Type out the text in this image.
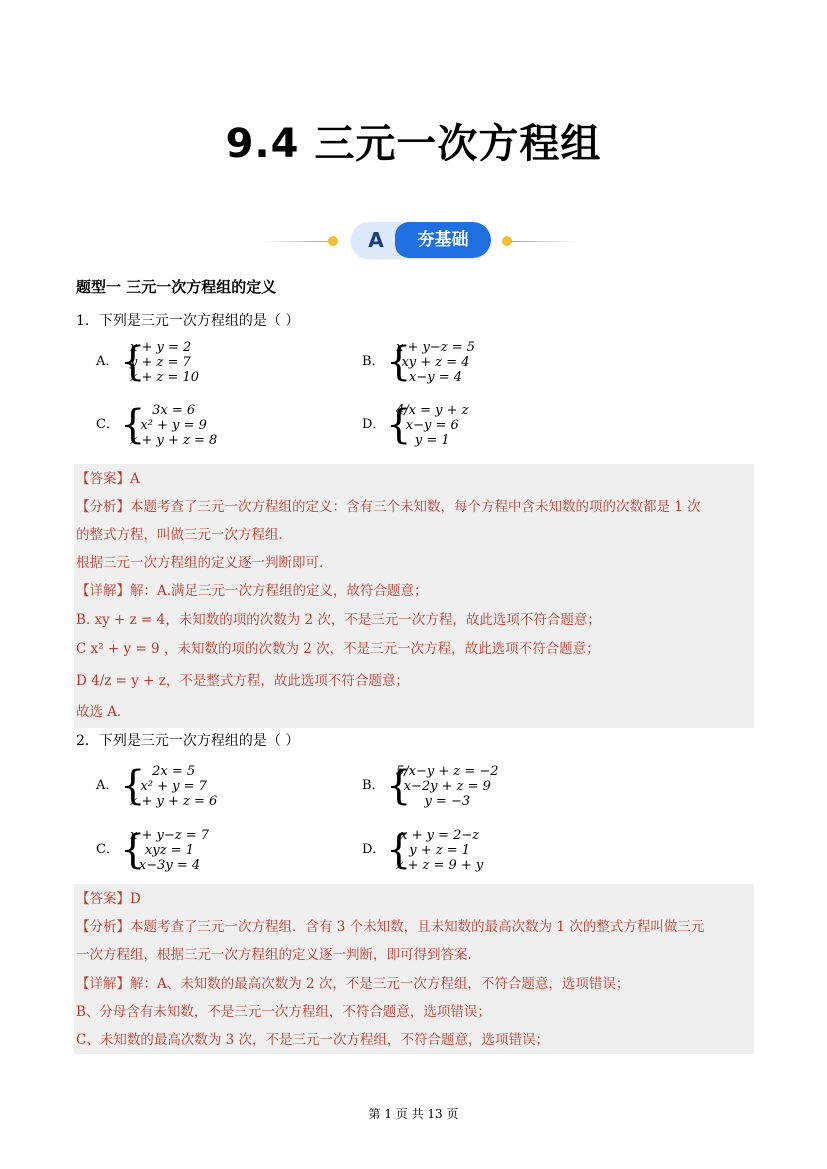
9.4 三元一次方程组
A	夯基础
题型一 三元一次方程组的定义
1．下列是三元一次方程组的是（ ）
A． {
x + y = 2
y + z = 7
x + z = 10
B． {
x + y−z = 5
xy + z = 4
x−y = 4
C． { 3x = 6
x² + y = 9
x + y + z = 8
D． {
4/x = y + z
x−y = 6
y = 1
【答案】A
【分析】本题考查了三元一次方程组的定义：含有三个未知数，每个方程中含未知数的项的次数都是 1 次
的整式方程，叫做三元一次方程组．
根据三元一次方程组的定义逐一判断即可．
【详解】解：A.满足三元一次方程组的定义，故符合题意；
B. xy + z = 4，未知数的项的次数为 2 次，不是三元一次方程，故此选项不符合题意；
C x² + y = 9 ，未知数的项的次数为 2 次，不是三元一次方程，故此选项不符合题意；
D 4/z = y + z，不是整式方程，故此选项不符合题意；
故选 A．
2．下列是三元一次方程组的是（ ）
A． { 2x = 5
x² + y = 7
x + y + z = 6
B． {
5/x−y + z = −2
x−2y + z = 9
y = −3
C． {
x + y−z = 7
xyz = 1
x−3y = 4
D． {
x + y = 2−z
y + z = 1
x + z = 9 + y
【答案】D
【分析】本题考查了三元一次方程组．含有 3 个未知数，且未知数的最高次数为 1 次的整式方程叫做三元
一次方程组，根据三元一次方程组的定义逐一判断，即可得到答案．
【详解】解：A、未知数的最高次数为 2 次，不是三元一次方程组，不符合题意，选项错误；
B、分母含有未知数，不是三元一次方程组，不符合题意，选项错误；
C、未知数的最高次数为 3 次，不是三元一次方程组，不符合题意，选项错误；
第 1 页 共 13 页
